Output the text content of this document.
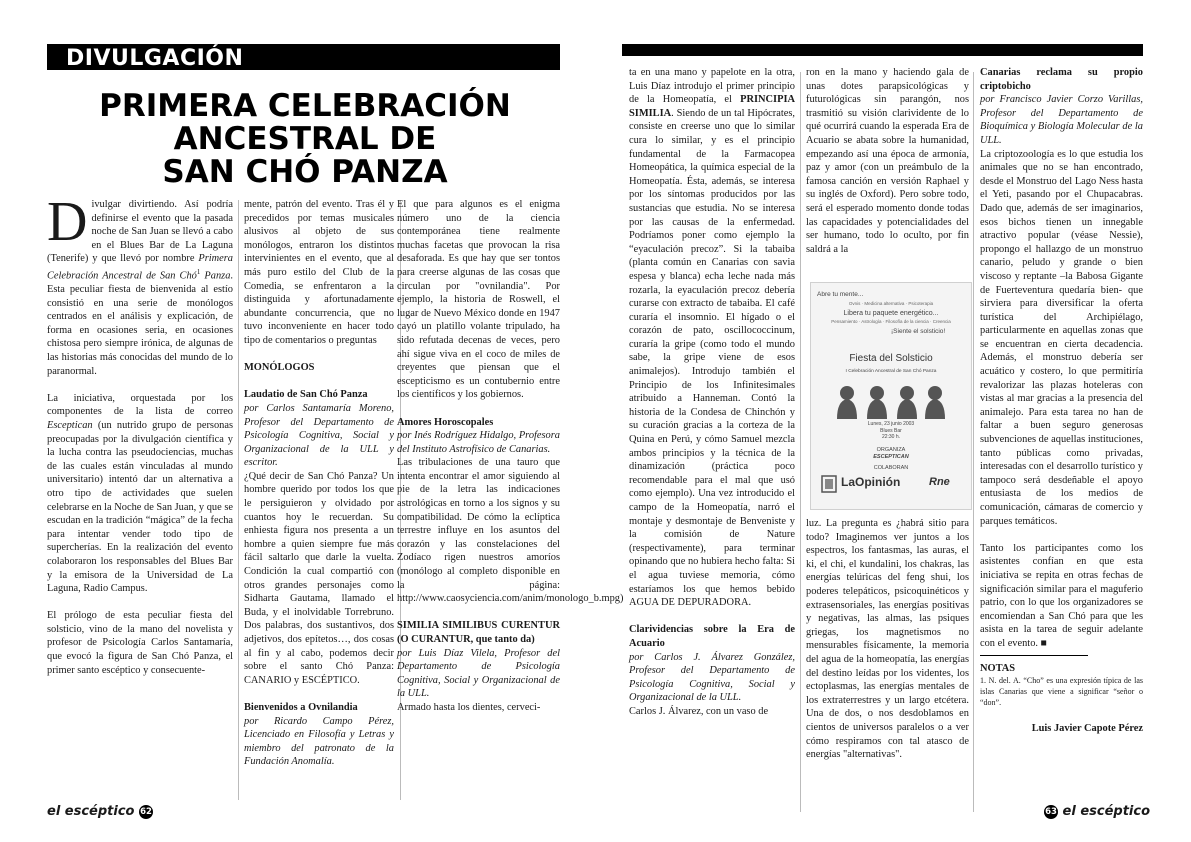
DIVULGACIÓN
PRIMERA CELEBRACIÓN
ANCESTRAL DE
SAN CHÓ PANZA

Divulgar divirtiendo. Así podría definirse el evento que la pasada noche de San Juan se llevó a cabo en el Blues Bar de La Laguna (Tenerife) y que llevó por nombre Primera Celebración Ancestral de San Chó$^1$ Panza. Esta peculiar fiesta de bienvenida al estío consistió en una serie de monólogos centrados en el análisis y explicación, de forma en ocasiones seria, en ocasiones chistosa pero siempre irónica, de algunas de las historias más conocidas del mundo de lo paranormal.

La iniciativa, orquestada por los componentes de la lista de correo Esceptican (un nutrido grupo de personas preocupadas por la divulgación científica y la lucha contra las pseudociencias, muchas de las cuales están vinculadas al mundo universitario) intentó dar un alternativa a otro tipo de actividades que suelen celebrarse en la Noche de San Juan, y que se escudan en la tradición “mágica” de la fecha para intentar vender todo tipo de supercherías. En la realización del evento colaboraron los responsables del Blues Bar y la emisora de la Universidad de La Laguna, Radio Campus.

El prólogo de esta peculiar fiesta del solsticio, vino de la mano del novelista y profesor de Psicología Carlos Santamaría, que evocó la figura de San Chó Panza, el primer santo escéptico y consecuente-

mente, patrón del evento. Tras él y precedidos por temas musicales alusivos al objeto de sus monólogos, entraron los distintos intervinientes en el evento, que al más puro estilo del Club de la Comedia, se enfrentaron a la distinguida y afortunadamente abundante concurrencia, que no tuvo inconveniente en hacer todo tipo de comentarios o preguntas

MONÓLOGOS

Laudatio de San Chó Panza

por Carlos Santamaría Moreno, Profesor del Departamento de Psicología Cognitiva, Social y Organizacional de la ULL y escritor.

¿Qué decir de San Chó Panza? Un hombre querido por todos los que le persiguieron y olvidado por cuantos hoy le recuerdan. Su enhiesta figura nos presenta a un hombre a quien siempre fue más fácil saltarlo que darle la vuelta. Condición la cual compartió con otros grandes personajes como Sidharta Gautama, llamado el Buda, y el inolvidable Torrebruno. Dos palabras, dos sustantivos, dos adjetivos, dos epítetos…, dos cosas al fin y al cabo, podemos decir sobre el santo Chó Panza: CANARIO y ESCÉPTICO.

Bienvenidos a Ovnilandia

por Ricardo Campo Pérez, Licenciado en Filosofía y Letras y miembro del patronato de la Fundación Anomalía.

El que para algunos es el enigma número uno de la ciencia contemporánea tiene realmente muchas facetas que provocan la risa desaforada. Es que hay que ser tontos para creerse algunas de las cosas que circulan por "ovnilandia". Por ejemplo, la historia de Roswell, el lugar de Nuevo México donde en 1947 cayó un platillo volante tripulado, ha sido refutada decenas de veces, pero ahí sigue viva en el coco de miles de creyentes que piensan que el escepticismo es un contubernio entre los científicos y los gobiernos.

Amores Horoscopales

por Inés Rodríguez Hidalgo, Profesora del Instituto Astrofísico de Canarias.

Las tribulaciones de una tauro que intenta encontrar el amor siguiendo al pie de la letra las indicaciones astrológicas en torno a los signos y su compatibilidad. De cómo la eclíptica terrestre influye en los asuntos del corazón y las constelaciones del Zodíaco rigen nuestros amoríos (monólogo al completo disponible en la página: http://www.caosyciencia.com/anim/monologo_b.mpg)

SIMILIA SIMILIBUS CURENTUR (O CURANTUR, que tanto da)

por Luis Díaz Vilela, Profesor del Departamento de Psicología Cognitiva, Social y Organizacional de la ULL.

Armado hasta los dientes, cerveci-

ta en una mano y papelote en la otra, Luis Díaz introdujo el primer principio de la Homeopatía, el PRINCIPIA SIMILIA. Siendo de un tal Hipócrates, consiste en creerse uno que lo similar cura lo similar, y es el principio fundamental de la Farmacopea Homeopática, la química especial de la Homeopatía. Ésta, además, se interesa por los síntomas producidos por las sustancias que estudia. No se interesa por las causas de la enfermedad. Podríamos poner como ejemplo la “eyaculación precoz”. Si la tabaiba (planta común en Canarias con savia espesa y blanca) echa leche nada más rozarla, la eyaculación precoz debería curarse con extracto de tabaiba. El café curaría el insomnio. El hígado o el corazón de pato, oscillococcinum, curaría la gripe (como todo el mundo sabe, la gripe viene de esos animalejos). Introdujo también el Principio de los Infinitesimales atribuido a Hanneman. Contó la historia de la Condesa de Chinchón y su curación gracias a la corteza de la Quina en Perú, y cómo Samuel mezcla ambos principios y la técnica de la dinamización (práctica poco recomendable para el mal que usó como ejemplo). Una vez introducido el campo de la Homeopatía, narró el montaje y desmontaje de Benveniste y la comisión de Nature (respectivamente), para terminar opinando que no hubiera hecho falta: Si el agua tuviese memoria, cómo estaríamos los que hemos bebido AGUA DE DEPURADORA.

Clarividencias sobre la Era de Acuario

por Carlos J. Álvarez González, Profesor del Departamento de Psicología Cognitiva, Social y Organizacional de la ULL.

Carlos J. Álvarez, con un vaso de

ron en la mano y haciendo gala de unas dotes parapsicológicas y futurológicas sin parangón, nos trasmitió su visión clarividente de lo qué ocurrirá cuando la esperada Era de Acuario se abata sobre la humanidad, empezando así una época de armonía, paz y amor (con un preámbulo de la famosa canción en versión Raphael y su inglés de Oxford). Pero sobre todo, será el esperado momento donde todas las capacidades y potencialidades del ser humano, todo lo oculto, por fin saldrá a la

Abre tu mente...
Ovnis · Medicina alternativa · Psicoterapia
Libera tu paquete energético...
Pensamiento · Astrología · Filosofía de la ciencia · Creencia
¡Siente el solsticio!
Fiesta del Solsticio
I Celebración Ancestral de San Chó Panza
Lunes, 23 junio 2003
Blues Bar
22:30 h.
ORGANIZA
ESCEPTICAN
COLABORAN
LaOpinión	Rne

luz. La pregunta es ¿habrá sitio para todo? Imaginemos ver juntos a los espectros, los fantasmas, las auras, el ki, el chi, el kundalini, los chakras, las energías telúricas del feng shui, los poderes telepáticos, psicoquinéticos y extrasensoriales, las energías positivas y negativas, las almas, las psiques griegas, los magnetismos no mensurables físicamente, la memoria del agua de la homeopatía, las energías del destino leídas por los videntes, los ectoplasmas, las energías mentales de los extraterrestres y un largo etcétera. Una de dos, o nos desdoblamos en cientos de universos paralelos o a ver cómo respiramos con tal atasco de energías "alternativas".

Canarias reclama su propio criptobicho

por Francisco Javier Corzo Varillas, Profesor del Departamento de Bioquímica y Biología Molecular de la ULL.

La criptozoología es lo que estudia los animales que no se han encontrado, desde el Monstruo del Lago Ness hasta el Yeti, pasando por el Chupacabras. Dado que, además de ser imaginarios, esos bichos tienen un innegable atractivo popular (véase Nessie), propongo el hallazgo de un monstruo canario, peludo y grande o bien viscoso y reptante –la Babosa Gigante de Fuerteventura quedaría bien- que sirviera para diversificar la oferta turística del Archipiélago, particularmente en aquellas zonas que se encuentran en cierta decadencia. Además, el monstruo debería ser acuático y costero, lo que permitiría revalorizar las plazas hoteleras con vistas al mar gracias a la presencia del animalejo. Para esta tarea no han de faltar a buen seguro generosas subvenciones de aquellas instituciones, tanto públicas como privadas, interesadas con el desarrollo turístico y tampoco será desdeñable el apoyo entusiasta de los medios de comunicación, cámaras de comercio y parques temáticos.

Tanto los participantes como los asistentes confían en que esta iniciativa se repita en otras fechas de significación similar para el maguferio patrio, con lo que los organizadores se encomiendan a San Chó para que les asista en la tarea de seguir adelante con el evento. ■

NOTAS

1. N. del. A. “Cho” es una expresión típica de las islas Canarias que viene a significar “señor o “don”.

Luis Javier Capote Pérez

el escéptico 62	63 el escéptico
